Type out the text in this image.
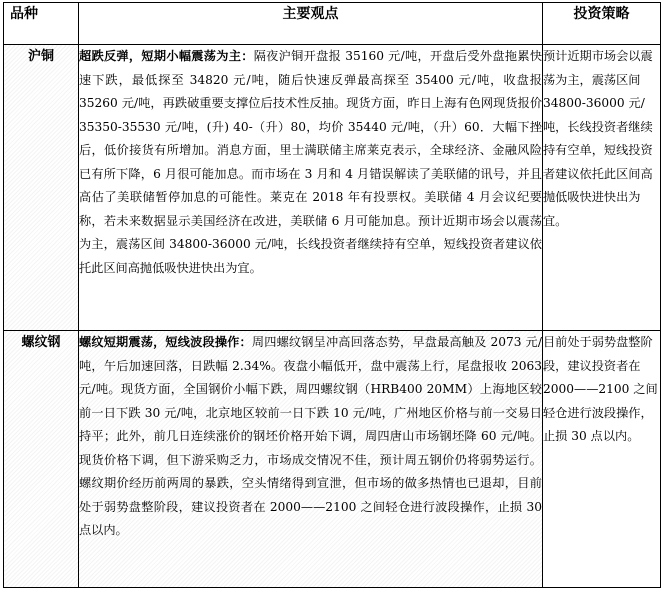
品种	主要观点	投资策略
沪铜	超跌反弹，短期小幅震荡为主：隔夜沪铜开盘报 35160 元/吨，开盘后受外盘拖累快速下跌，最低探至 34820 元/吨，随后快速反弹最高探至 35400 元/吨，收盘报 35260 元/吨，再跌破重要支撑位后技术性反抽。现货方面，昨日上海有色网现货报价 35350-35530 元/吨，(升) 40-（升）80，均价 35440 元/吨，（升）60．大幅下挫后，低价接货有所增加。消息方面，里士满联储主席莱克表示，全球经济、金融风险已有所下降，6 月很可能加息。而市场在 3 月和 4 月错误解读了美联储的讯号，并且高估了美联储暂停加息的可能性。莱克在 2018 年有投票权。美联储 4 月会议纪要称，若未来数据显示美国经济在改进，美联储 6 月可能加息。预计近期市场会以震荡为主，震荡区间 34800-36000 元/吨，长线投资者继续持有空单，短线投资者建议依托此区间高抛低吸快进快出为宜。	预计近期市场会以震荡为主，震荡区间 34800-36000 元/吨，长线投资者继续持有空单，短线投资者建议依托此区间高抛低吸快进快出为宜。
螺纹钢	螺纹短期震荡，短线波段操作：周四螺纹钢呈冲高回落态势，早盘最高触及 2073 元/吨，午后加速回落，日跌幅 2.34%。夜盘小幅低开，盘中震荡上行，尾盘报收 2063 元/吨。现货方面，全国钢价小幅下跌，周四螺纹钢（HRB400 20MM）上海地区较前一日下跌 30 元/吨，北京地区较前一日下跌 10 元/吨，广州地区价格与前一交易日持平；此外，前几日连续涨价的钢坯价格开始下调，周四唐山市场钢坯降 60 元/吨。现货价格下调，但下游采购乏力，市场成交情况不佳，预计周五钢价仍将弱势运行。螺纹期价经历前两周的暴跌，空头情绪得到宣泄，但市场的做多热情也已退却，目前处于弱势盘整阶段，建议投资者在 2000——2100 之间轻仓进行波段操作，止损 30 点以内。	目前处于弱势盘整阶段，建议投资者在 2000——2100 之间轻仓进行波段操作，止损 30 点以内。
